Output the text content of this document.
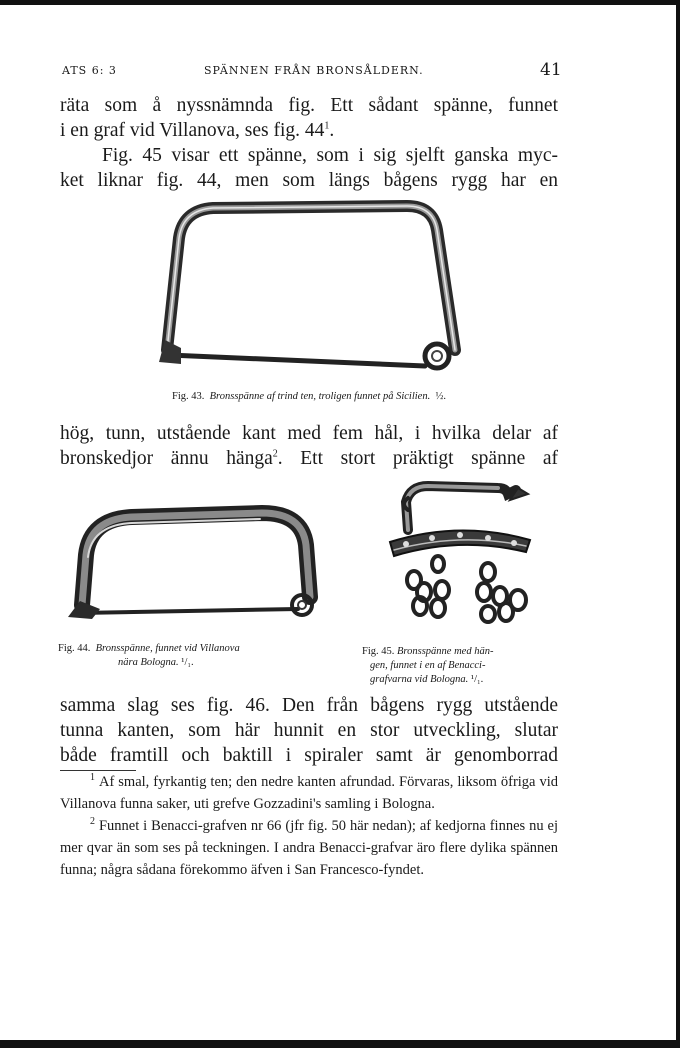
ATS 6: 3	SPÄNNEN FRÅN BRONSÅLDERN.	41
räta som å nyssnämnda fig. Ett sådant spänne, funnet
i en graf vid Villanova, ses fig. $44^1$.
Fig. 45 visar ett spänne, som i sig sjelft ganska myc-
ket liknar fig. 44, men som längs bågens rygg har en
Fig. 43. Bronsspänne af trind ten, troligen funnet på Sicilien. ½.
hög, tunn, utstående kant med fem hål, i hvilka delar af
bronskedjor ännu hänga$^2$. Ett stort präktigt spänne af
Fig. 44. Bronsspänne, funnet vid Villanova
nära Bologna. ¹/₁.
Fig. 45. Bronsspänne med hän-
gen, funnet i en af Benacci-
grafvarna vid Bologna. ¹/₁.
samma slag ses fig. 46. Den från bågens rygg utstående
tunna kanten, som här hunnit en stor utveckling, slutar
både framtill och baktill i spiraler samt är genomborrad

$^1$ Af smal, fyrkantig ten; den nedre kanten afrundad. Förvaras, liksom öfriga vid Villanova funna saker, uti grefve Gozzadini's samling i Bologna.

$^2$ Funnet i Benacci-grafven nr 66 (jfr fig. 50 här nedan); af kedjorna finnes nu ej mer qvar än som ses på teckningen. I andra Benacci-grafvar äro flere dylika spännen funna; några sådana förekommo äfven i San Francesco-fyndet.
